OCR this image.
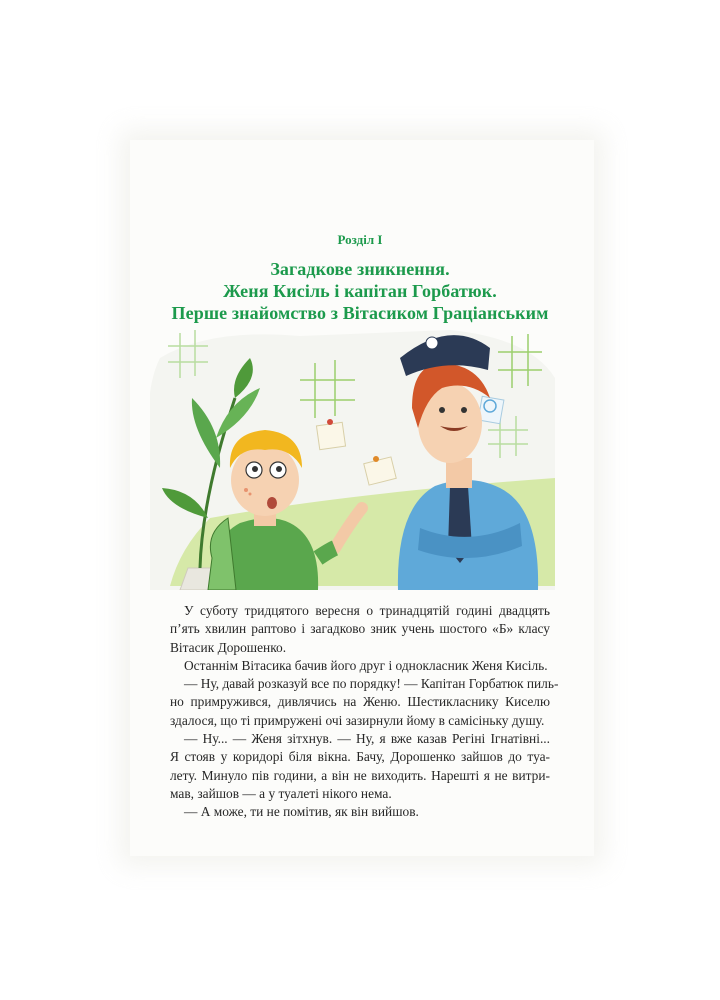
Розділ І
Загадкове зникнення.
Женя Кисіль і капітан Горбатюк.
Перше знайомство з Вітасиком Граціанським

У суботу тридцятого вересня о тринадцятій годині двадцять
п’ять хвилин раптово і загадково зник учень шостого «Б» класу
Вітасик Дорошенко.

Останнім Вітасика бачив його друг і однокласник Женя Кисіль.

— Ну, давай розказуй все по порядку! — Капітан Горбатюк пиль-
но примружився, дивлячись на Женю. Шестикласнику Киселю
здалося, що ті примружені очі зазирнули йому в самісіньку душу.

— Ну... — Женя зітхнув. — Ну, я вже казав Регіні Ігнатівні...
Я стояв у коридорі біля вікна. Бачу, Дорошенко зайшов до туа-
лету. Минуло пів години, а він не виходить. Нарешті я не витри-
мав, зайшов — а у туалеті нікого нема.

— А може, ти не помітив, як він вийшов.
